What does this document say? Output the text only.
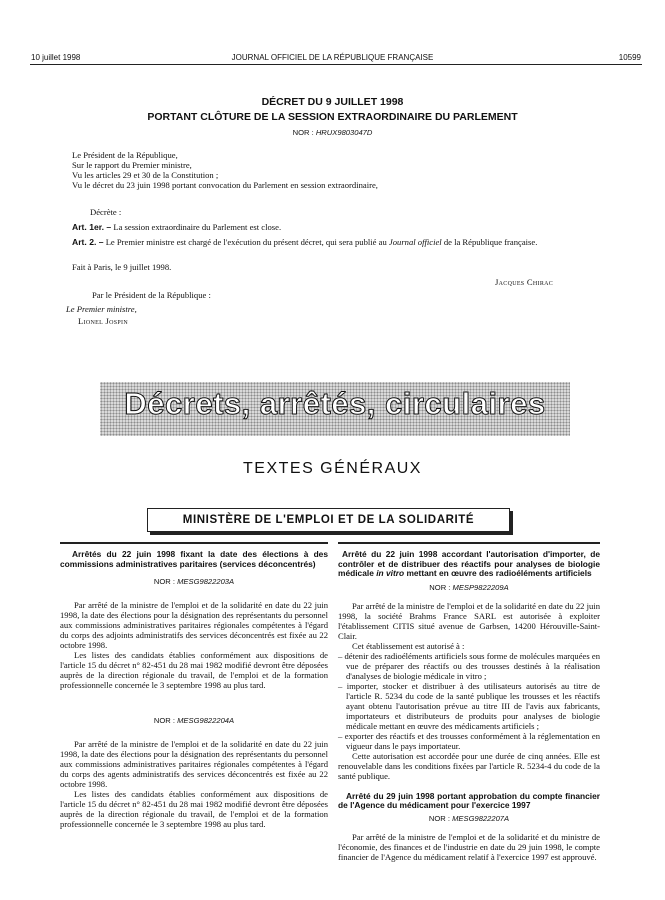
10 juillet 1998	JOURNAL OFFICIEL DE LA RÉPUBLIQUE FRANÇAISE	10599
DÉCRET DU 9 JUILLET 1998
PORTANT CLÔTURE DE LA SESSION EXTRAORDINAIRE DU PARLEMENT
NOR : HRUX9803047D

Le Président de la République,

Sur le rapport du Premier ministre,

Vu les articles 29 et 30 de la Constitution ;

Vu le décret du 23 juin 1998 portant convocation du Parlement en session extraordinaire,

Décrète :
Art. 1er. – La session extraordinaire du Parlement est close.
Art. 2. – Le Premier ministre est chargé de l'exécution du présent décret, qui sera publié au Journal officiel de la République française.
Fait à Paris, le 9 juillet 1998.
Jacques Chirac
Par le Président de la République :
Le Premier ministre,
Lionel Jospin
Décrets, arrêtés, circulaires
TEXTES GÉNÉRAUX
MINISTÈRE DE L'EMPLOI ET DE LA SOLIDARITÉ
Arrêtés du 22 juin 1998 fixant la date des élections à des commissions administratives paritaires (services déconcentrés)
NOR : MESG9822203A

Par arrêté de la ministre de l'emploi et de la solidarité en date du 22 juin 1998, la date des élections pour la désignation des représentants du personnel aux commissions administratives paritaires régionales compétentes à l'égard du corps des adjoints administratifs des services déconcentrés est fixée au 22 octobre 1998.

Les listes des candidats établies conformément aux dispositions de l'article 15 du décret n° 82-451 du 28 mai 1982 modifié devront être déposées auprès de la direction régionale du travail, de l'emploi et de la formation professionnelle concernée le 3 septembre 1998 au plus tard.

NOR : MESG9822204A

Par arrêté de la ministre de l'emploi et de la solidarité en date du 22 juin 1998, la date des élections pour la désignation des représentants du personnel aux commissions administratives paritaires régionales compétentes à l'égard du corps des agents administratifs des services déconcentrés est fixée au 22 octobre 1998.

Les listes des candidats établies conformément aux dispositions de l'article 15 du décret n° 82-451 du 28 mai 1982 modifié devront être déposées auprès de la direction régionale du travail, de l'emploi et de la formation professionnelle concernée le 3 septembre 1998 au plus tard.

Arrêté du 22 juin 1998 accordant l'autorisation d'importer, de contrôler et de distribuer des réactifs pour analyses de biologie médicale in vitro mettant en œuvre des radioéléments artificiels
NOR : MESP9822209A

Par arrêté de la ministre de l'emploi et de la solidarité en date du 22 juin 1998, la société Brahms France SARL est autorisée à exploiter l'établissement CITIS situé avenue de Garbsen, 14200 Hérouville-Saint-Clair.

Cet établissement est autorisé à :

– détenir des radioéléments artificiels sous forme de molécules marquées en vue de préparer des réactifs ou des trousses destinés à la réalisation d'analyses de biologie médicale in vitro ;
– importer, stocker et distribuer à des utilisateurs autorisés au titre de l'article R. 5234 du code de la santé publique les trousses et les réactifs ayant obtenu l'autorisation prévue au titre III de l'avis aux fabricants, importateurs et distributeurs de produits pour analyses de biologie médicale mettant en œuvre des médicaments artificiels ;
– exporter des réactifs et des trousses conformément à la réglementation en vigueur dans le pays importateur.

Cette autorisation est accordée pour une durée de cinq années. Elle est renouvelable dans les conditions fixées par l'article R. 5234-4 du code de la santé publique.

Arrêté du 29 juin 1998 portant approbation du compte financier de l'Agence du médicament pour l'exercice 1997
NOR : MESG9822207A

Par arrêté de la ministre de l'emploi et de la solidarité et du ministre de l'économie, des finances et de l'industrie en date du 29 juin 1998, le compte financier de l'Agence du médicament relatif à l'exercice 1997 est approuvé.
